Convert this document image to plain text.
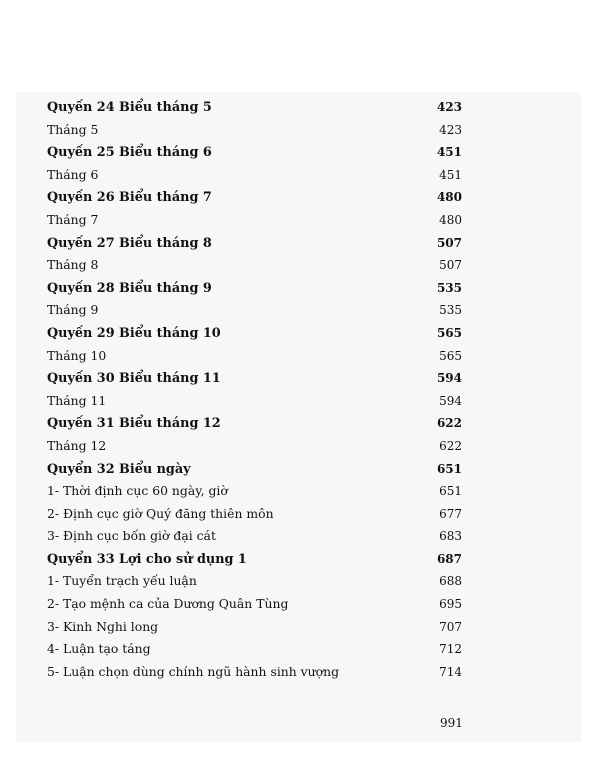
Quyến 24 Biểu tháng 5	423
Tháng 5	423
Quyến 25 Biểu tháng 6	451
Tháng 6	451
Quyến 26 Biểu tháng 7	480
Tháng 7	480
Quyến 27 Biểu tháng 8	507
Tháng 8	507
Quyến 28 Biểu tháng 9	535
Tháng 9	535
Quyến 29 Biểu tháng 10	565
Tháng 10	565
Quyến 30 Biểu tháng 11	594
Tháng 11	594
Quyến 31 Biểu tháng 12	622
Tháng 12	622
Quyển 32 Biểu ngày	651
1- Thời định cục 60 ngày, giờ	651
2- Định cục giờ Quý đăng thiên môn	677
3- Định cục bốn giờ đại cát	683
Quyển 33 Lợi cho sử dụng 1	687
1- Tuyển trạch yếu luận	688
2- Tạo mệnh ca của Dương Quân Tùng	695
3- Kinh Nghi long	707
4- Luận tạo táng	712
5- Luận chọn dùng chính ngũ hành sinh vượng	714
991
